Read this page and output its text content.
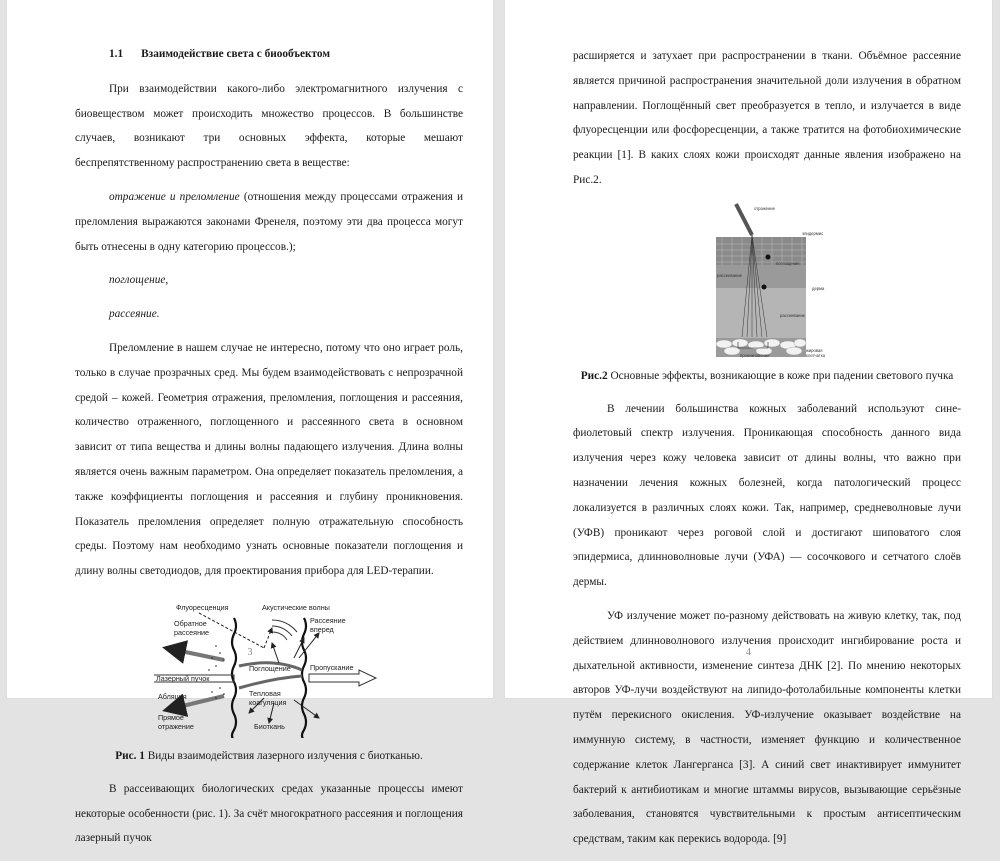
1.1 Взаимодействие света с биообъектом

При взаимодействии какого-либо электромагнитного излучения с биовеществом может происходить множество процессов. В большинстве случаев, возникают три основных эффекта, которые мешают беспрепятственному распространению света в веществе:

отражение и преломление (отношения между процессами отражения и преломления выражаются законами Френеля, поэтому эти два процесса могут быть отнесены в одну категорию процессов.);

поглощение,

рассеяние.

Преломление в нашем случае не интересно, потому что оно играет роль, только в случае прозрачных сред. Мы будем взаимодействовать с непрозрачной средой – кожей. Геометрия отражения, преломления, поглощения и рассеяния, количество отраженного, поглощенного и рассеянного света в основном зависит от типа вещества и длины волны падающего излучения. Длина волны является очень важным параметром. Она определяет показатель преломления, а также коэффициенты поглощения и рассеяния и глубину проникновения. Показатель преломления определяет полную отражательную способность среды. Поэтому нам необходимо узнать основные показатели поглощения и длину волны светодиодов, для проектирования прибора для LED-терапии.

Флуоресценция	Акустические волны
Обратное
рассеяние
Рассеяние
вперед
Поглощение	Пропускание
Лазерный пучок
Абляция	Тепловая
коагуляция
Прямое
отражение	Биоткань

Рис. 1 Виды взаимодействия лазерного излучения с биотканью.

В рассеивающих биологических средах указанные процессы имеют некоторые особенности (рис. 1). За счёт многократного рассеяния и поглощения лазерный пучок

3

расширяется и затухает при распространении в ткани. Объёмное рассеяние является причиной распространения значительной доли излучения в обратном направлении. Поглощённый свет преобразуется в тепло, и излучается в виде флуоресценции или фосфоресценции, а также тратится на фотобиохимические реакции [1]. В каких слоях кожи происходят данные явления изображено на Рис.2.

отражение
эпидермис
поглощение
рассеивание
дерма
рассеивание
проникновение
жировая
клетчатка

Рис.2 Основные эффекты, возникающие в коже при падении светового пучка

В лечении большинства кожных заболеваний используют сине-фиолетовый спектр излучения. Проникающая способность данного вида излучения через кожу человека зависит от длины волны, что важно при назначении лечения кожных болезней, когда патологический процесс локализуется в различных слоях кожи. Так, например, средневолновые лучи (УФВ) проникают через роговой слой и достигают шиповатого слоя эпидермиса, длинноволновые лучи (УФА) — сосочкового и сетчатого слоёв дермы.

УФ излучение может по-разному действовать на живую клетку, так, под действием длинноволнового излучения происходит ингибирование роста и дыхательной активности, изменение синтеза ДНК [2]. По мнению некоторых авторов УФ-лучи воздействуют на липидо-фотолабильные компоненты клетки путём перекисного окисления. УФ-излучение оказывает воздействие на иммунную систему, в частности, изменяет функцию и количественное содержание клеток Лангерганса [3]. А синий свет инактивирует иммунитет бактерий к антибиотикам и многие штаммы вирусов, вызывающие серьёзные заболевания, становятся чувствительными к простым антисептическим средствам, таким как перекись водорода. [9]

4
